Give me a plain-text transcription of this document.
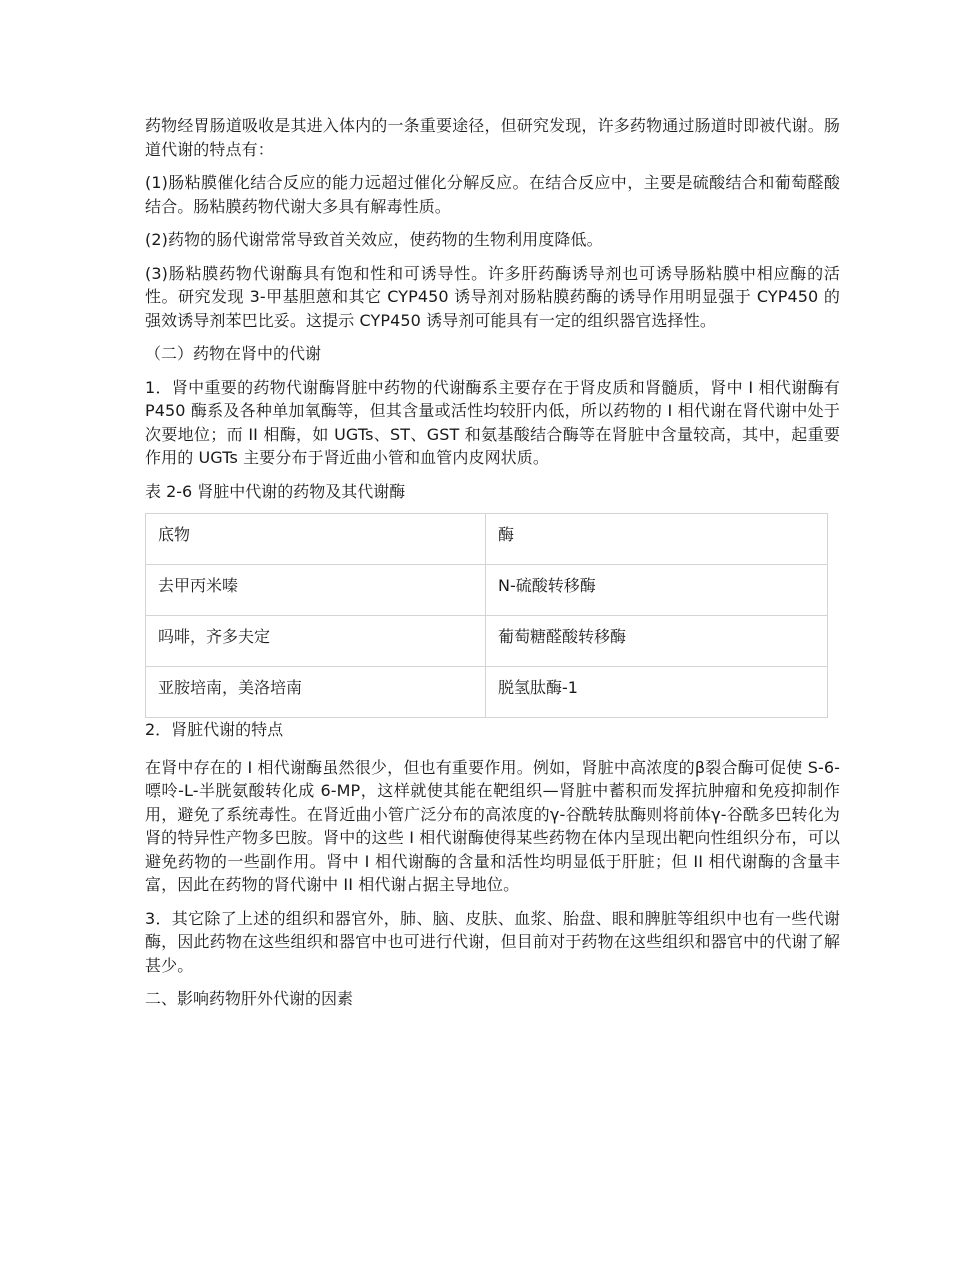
药物经胃肠道吸收是其进入体内的一条重要途径，但研究发现，许多药物通过肠道时即被代谢。肠道代谢的特点有：

(1)肠粘膜催化结合反应的能力远超过催化分解反应。在结合反应中，主要是硫酸结合和葡萄醛酸结合。肠粘膜药物代谢大多具有解毒性质。

(2)药物的肠代谢常常导致首关效应，使药物的生物利用度降低。

(3)肠粘膜药物代谢酶具有饱和性和可诱导性。许多肝药酶诱导剂也可诱导肠粘膜中相应酶的活性。研究发现 3-甲基胆蒽和其它 CYP450 诱导剂对肠粘膜药酶的诱导作用明显强于 CYP450 的强效诱导剂苯巴比妥。这提示 CYP450 诱导剂可能具有一定的组织器官选择性。

（二）药物在肾中的代谢

1．肾中重要的药物代谢酶肾脏中药物的代谢酶系主要存在于肾皮质和肾髓质，肾中 I 相代谢酶有 P450 酶系及各种单加氧酶等，但其含量或活性均较肝内低，所以药物的 I 相代谢在肾代谢中处于次要地位；而 II 相酶，如 UGTs、ST、GST 和氨基酸结合酶等在肾脏中含量较高，其中，起重要作用的 UGTs 主要分布于肾近曲小管和血管内皮网状质。

表 2-6 肾脏中代谢的药物及其代谢酶

底物	酶
去甲丙米嗪	N-硫酸转移酶
吗啡，齐多夫定	葡萄糖醛酸转移酶
亚胺培南，美洛培南	脱氢肽酶-1

2．肾脏代谢的特点

在肾中存在的 I 相代谢酶虽然很少，但也有重要作用。例如，肾脏中高浓度的β裂合酶可促使 S-6-嘌呤-L-半胱氨酸转化成 6-MP，这样就使其能在靶组织—肾脏中蓄积而发挥抗肿瘤和免疫抑制作用，避免了系统毒性。在肾近曲小管广泛分布的高浓度的γ-谷酰转肽酶则将前体γ-谷酰多巴转化为肾的特异性产物多巴胺。肾中的这些 I 相代谢酶使得某些药物在体内呈现出靶向性组织分布，可以避免药物的一些副作用。肾中 I 相代谢酶的含量和活性均明显低于肝脏；但 II 相代谢酶的含量丰富，因此在药物的肾代谢中 II 相代谢占据主导地位。

3．其它除了上述的组织和器官外，肺、脑、皮肤、血浆、胎盘、眼和脾脏等组织中也有一些代谢酶，因此药物在这些组织和器官中也可进行代谢，但目前对于药物在这些组织和器官中的代谢了解甚少。

二、影响药物肝外代谢的因素
